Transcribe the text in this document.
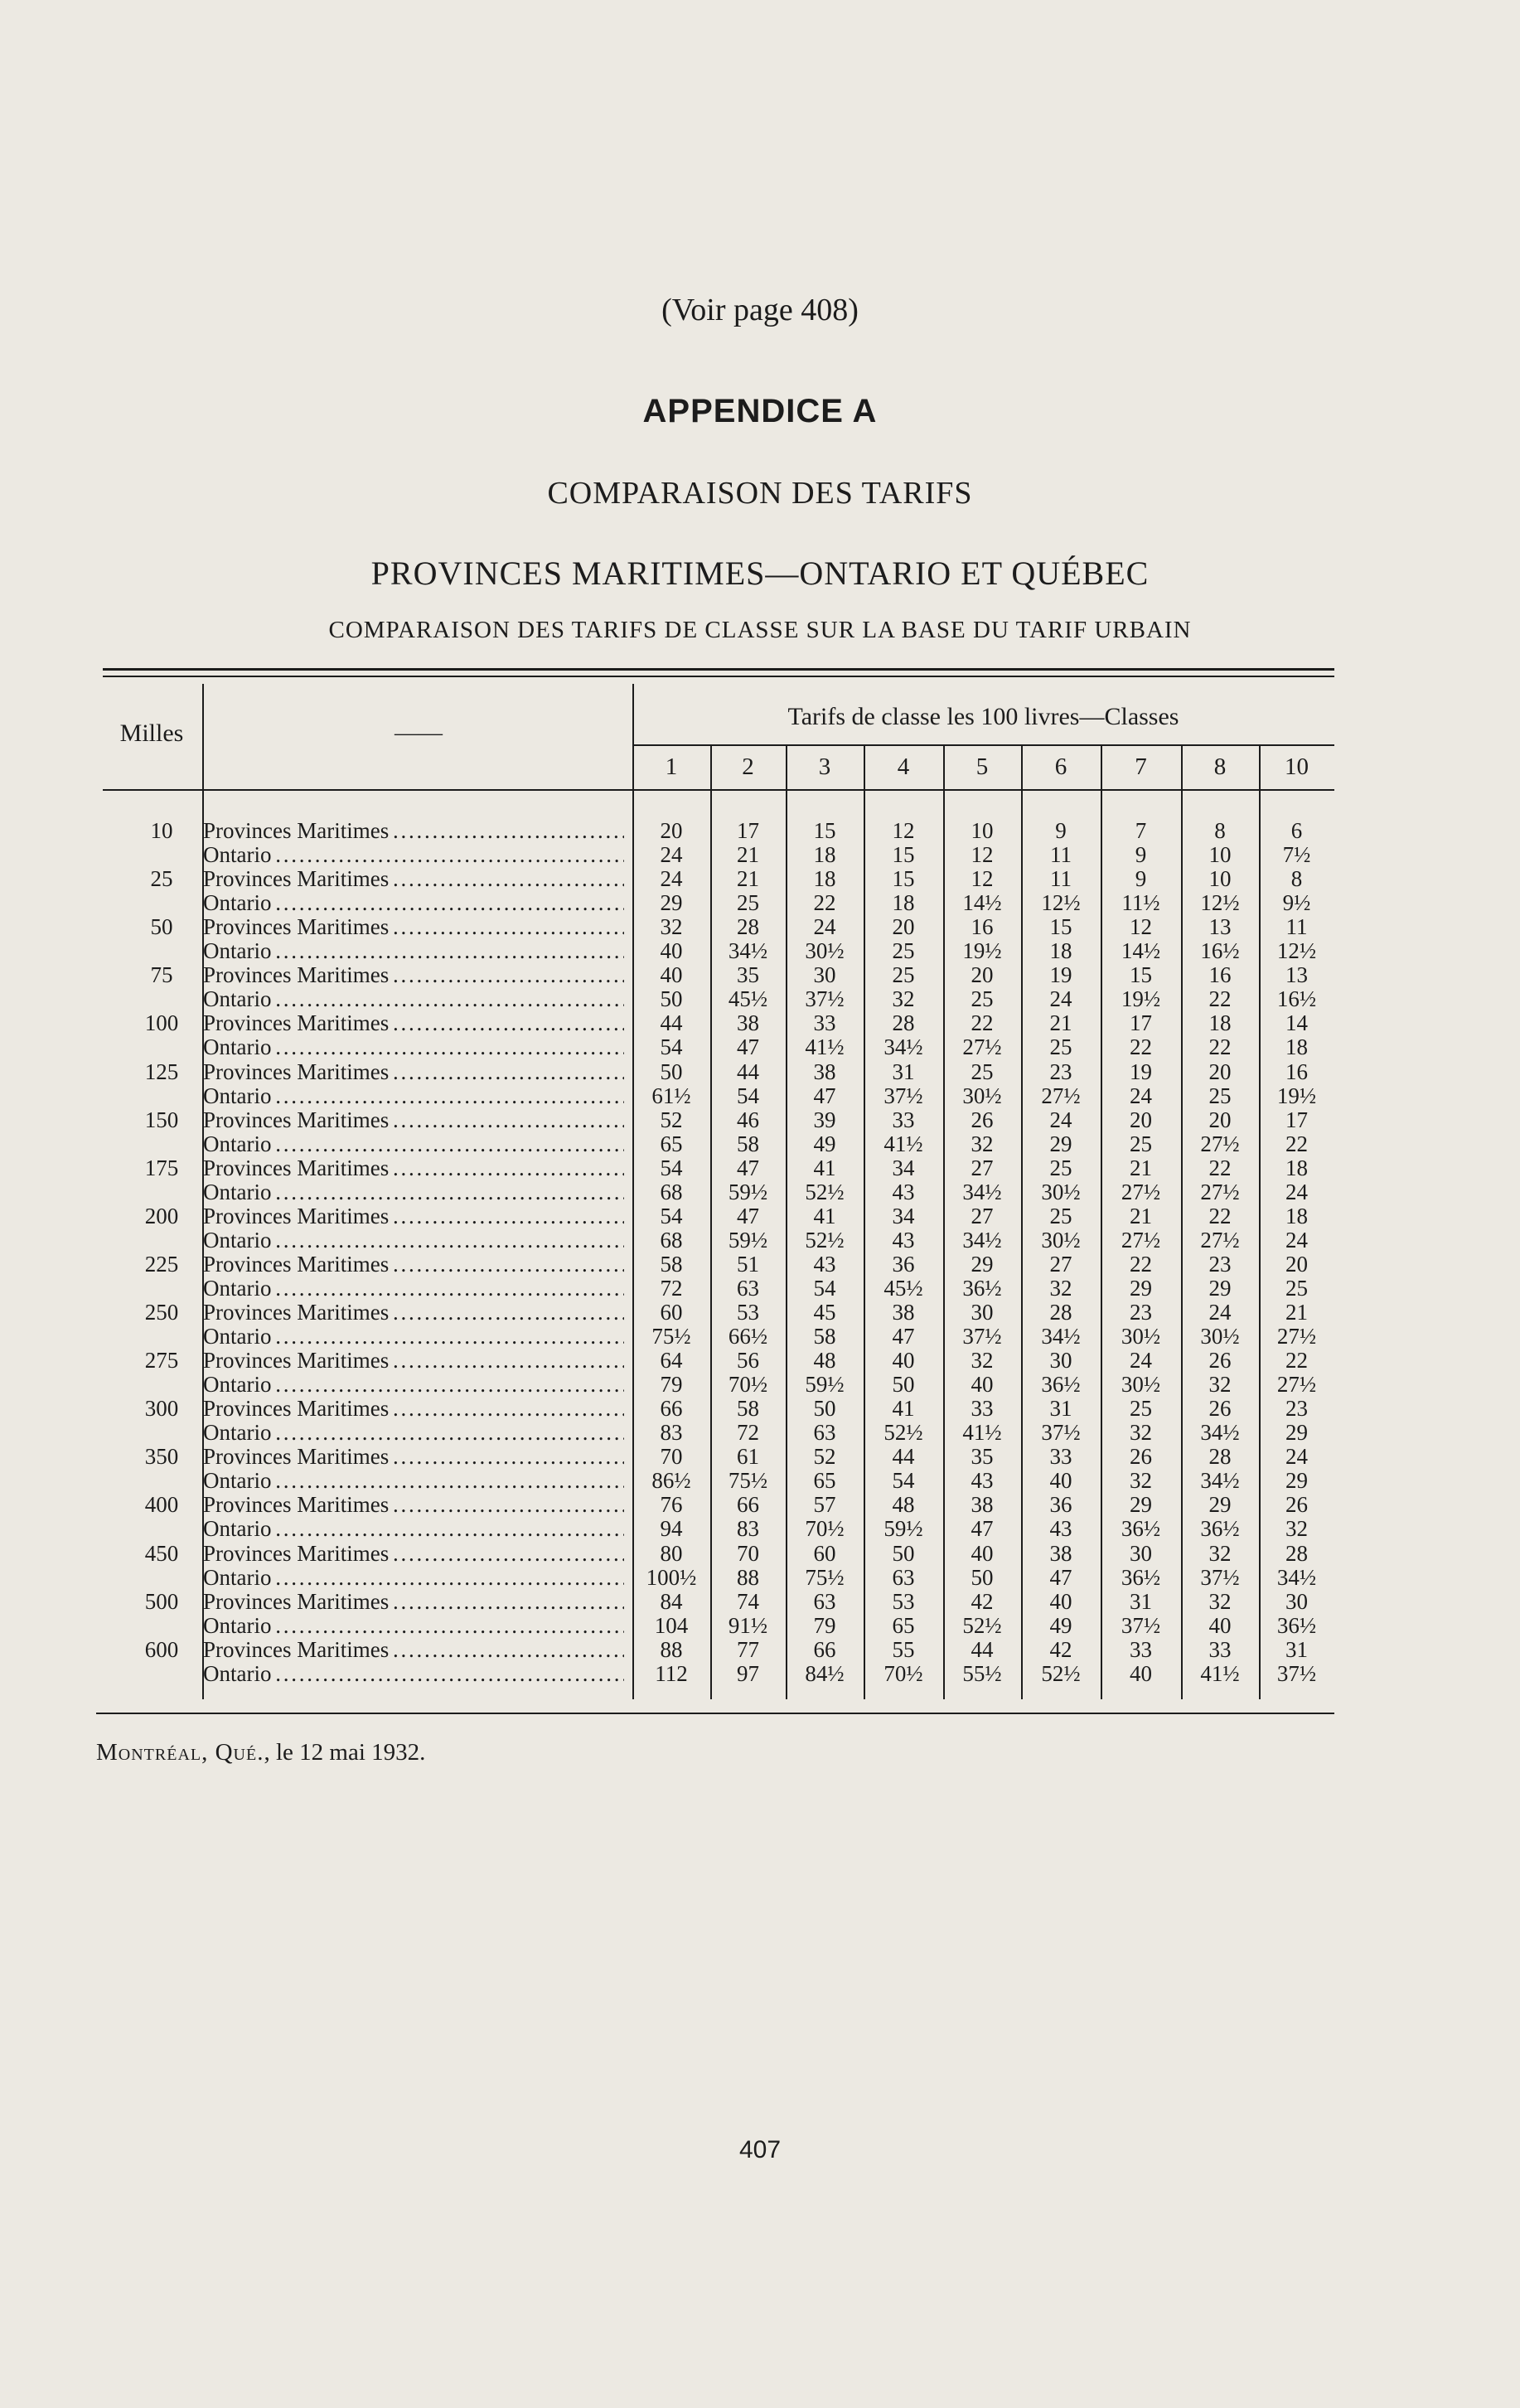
(Voir page 408)
APPENDICE A
COMPARAISON DES TARIFS
PROVINCES MARITIMES—ONTARIO ET QUÉBEC
COMPARAISON DES TARIFS DE CLASSE SUR LA BASE DU TARIF URBAIN
Milles	——
Tarifs de classe les 100 livres—Classes
1	2	3	4	5	6	7	8	10
10	Provinces Maritimes . . .	20	17	15	12	10	9	7	8	6
Ontario . . .	24	21	18	15	12	11	9	10	7½
25	Provinces Maritimes . . .	24	21	18	15	12	11	9	10	8
Ontario . . .	29	25	22	18	14½	12½	11½	12½	9½
50	Provinces Maritimes . . .	32	28	24	20	16	15	12	13	11
Ontario . . .	40	34½	30½	25	19½	18	14½	16½	12½
75	Provinces Maritimes . . .	40	35	30	25	20	19	15	16	13
Ontario . . .	50	45½	37½	32	25	24	19½	22	16½
100	Provinces Maritimes . . .	44	38	33	28	22	21	17	18	14
Ontario . . .	54	47	41½	34½	27½	25	22	22	18
125	Provinces Maritimes . . .	50	44	38	31	25	23	19	20	16
Ontario . . .	61½	54	47	37½	30½	27½	24	25	19½
150	Provinces Maritimes . . .	52	46	39	33	26	24	20	20	17
Ontario . . .	65	58	49	41½	32	29	25	27½	22
175	Provinces Maritimes . . .	54	47	41	34	27	25	21	22	18
Ontario . . .	68	59½	52½	43	34½	30½	27½	27½	24
200	Provinces Maritimes . . .	54	47	41	34	27	25	21	22	18
Ontario . . .	68	59½	52½	43	34½	30½	27½	27½	24
225	Provinces Maritimes . . .	58	51	43	36	29	27	22	23	20
Ontario . . .	72	63	54	45½	36½	32	29	29	25
250	Provinces Maritimes . . .	60	53	45	38	30	28	23	24	21
Ontario . . .	75½	66½	58	47	37½	34½	30½	30½	27½
275	Provinces Maritimes . . .	64	56	48	40	32	30	24	26	22
Ontario . . .	79	70½	59½	50	40	36½	30½	32	27½
300	Provinces Maritimes . . .	66	58	50	41	33	31	25	26	23
Ontario . . .	83	72	63	52½	41½	37½	32	34½	29
350	Provinces Maritimes . . .	70	61	52	44	35	33	26	28	24
Ontario . . .	86½	75½	65	54	43	40	32	34½	29
400	Provinces Maritimes . . .	76	66	57	48	38	36	29	29	26
Ontario . . .	94	83	70½	59½	47	43	36½	36½	32
450	Provinces Maritimes . . .	80	70	60	50	40	38	30	32	28
Ontario . . .	100½	88	75½	63	50	47	36½	37½	34½
500	Provinces Maritimes . . .	84	74	63	53	42	40	31	32	30
Ontario . . .	104	91½	79	65	52½	49	37½	40	36½
600	Provinces Maritimes . . .	88	77	66	55	44	42	33	33	31
Ontario . . .	112	97	84½	70½	55½	52½	40	41½	37½
Montréal, Qué., le 12 mai 1932.
407
